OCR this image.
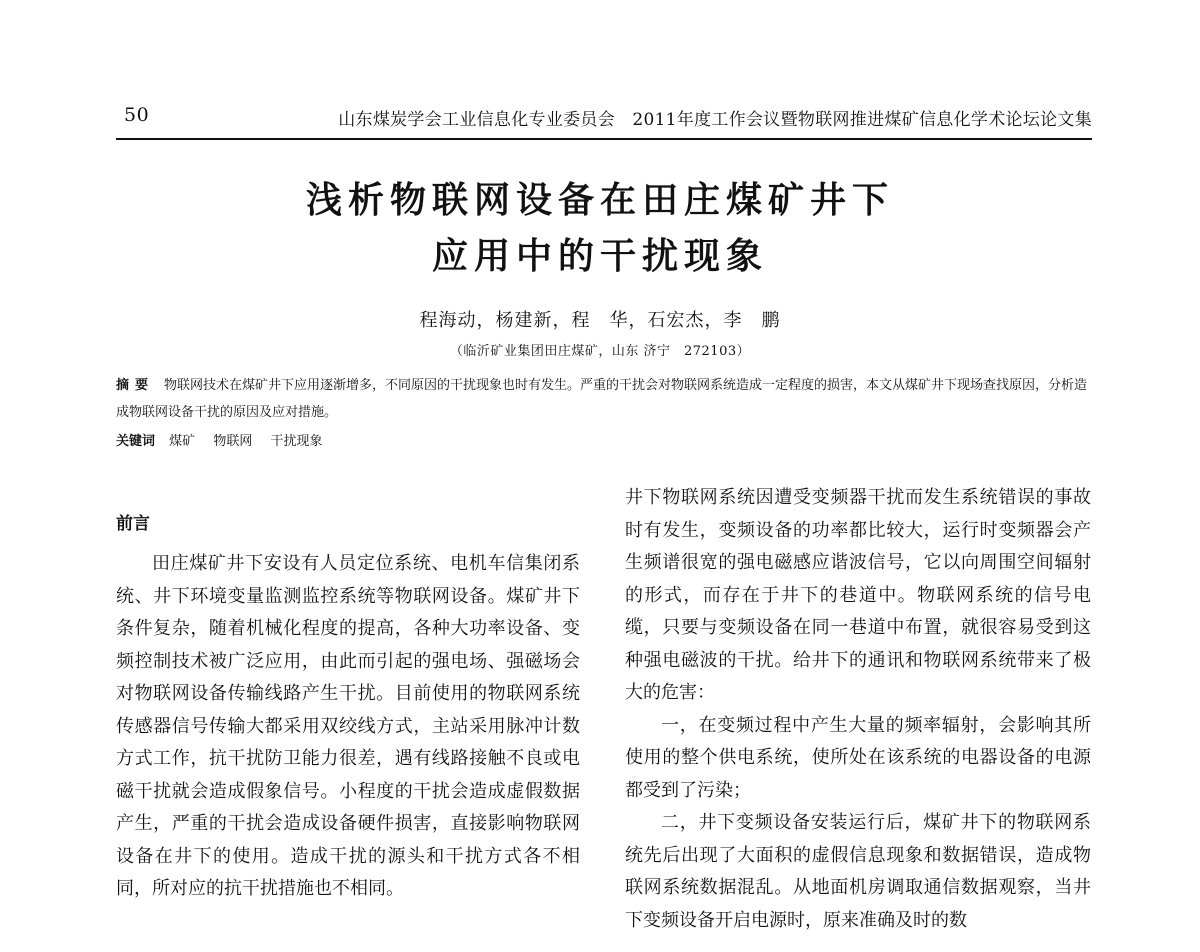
50	山东煤炭学会工业信息化专业委员会　2011年度工作会议暨物联网推进煤矿信息化学术论坛论文集
浅析物联网设备在田庄煤矿井下
应用中的干扰现象
程海动，杨建新，程　华，石宏杰，李　鹏
（临沂矿业集团田庄煤矿，山东 济宁　272103）
摘要 物联网技术在煤矿井下应用逐渐增多，不同原因的干扰现象也时有发生。严重的干扰会对物联网系统造成一定程度的损害，本文从煤矿井下现场查找原因，分析造成物联网设备干扰的原因及应对措施。
关键词 煤矿 物联网 干扰现象
前言

田庄煤矿井下安设有人员定位系统、电机车信集闭系统、井下环境变量监测监控系统等物联网设备。煤矿井下条件复杂，随着机械化程度的提高，各种大功率设备、变频控制技术被广泛应用，由此而引起的强电场、强磁场会对物联网设备传输线路产生干扰。目前使用的物联网系统传感器信号传输大都采用双绞线方式，主站采用脉冲计数方式工作，抗干扰防卫能力很差，遇有线路接触不良或电磁干扰就会造成假象信号。小程度的干扰会造成虚假数据产生，严重的干扰会造成设备硬件损害，直接影响物联网设备在井下的使用。造成干扰的源头和干扰方式各不相同，所对应的抗干扰措施也不相同。

井下物联网系统因遭受变频器干扰而发生系统错误的事故时有发生，变频设备的功率都比较大，运行时变频器会产生频谱很宽的强电磁感应谐波信号，它以向周围空间辐射的形式，而存在于井下的巷道中。物联网系统的信号电缆，只要与变频设备在同一巷道中布置，就很容易受到这种强电磁波的干扰。给井下的通讯和物联网系统带来了极大的危害：

一，在变频过程中产生大量的频率辐射，会影响其所使用的整个供电系统，使所处在该系统的电器设备的电源都受到了污染；

二，井下变频设备安装运行后，煤矿井下的物联网系统先后出现了大面积的虚假信息现象和数据错误，造成物联网系统数据混乱。从地面机房调取通信数据观察，当井下变频设备开启电源时，原来准确及时的数
